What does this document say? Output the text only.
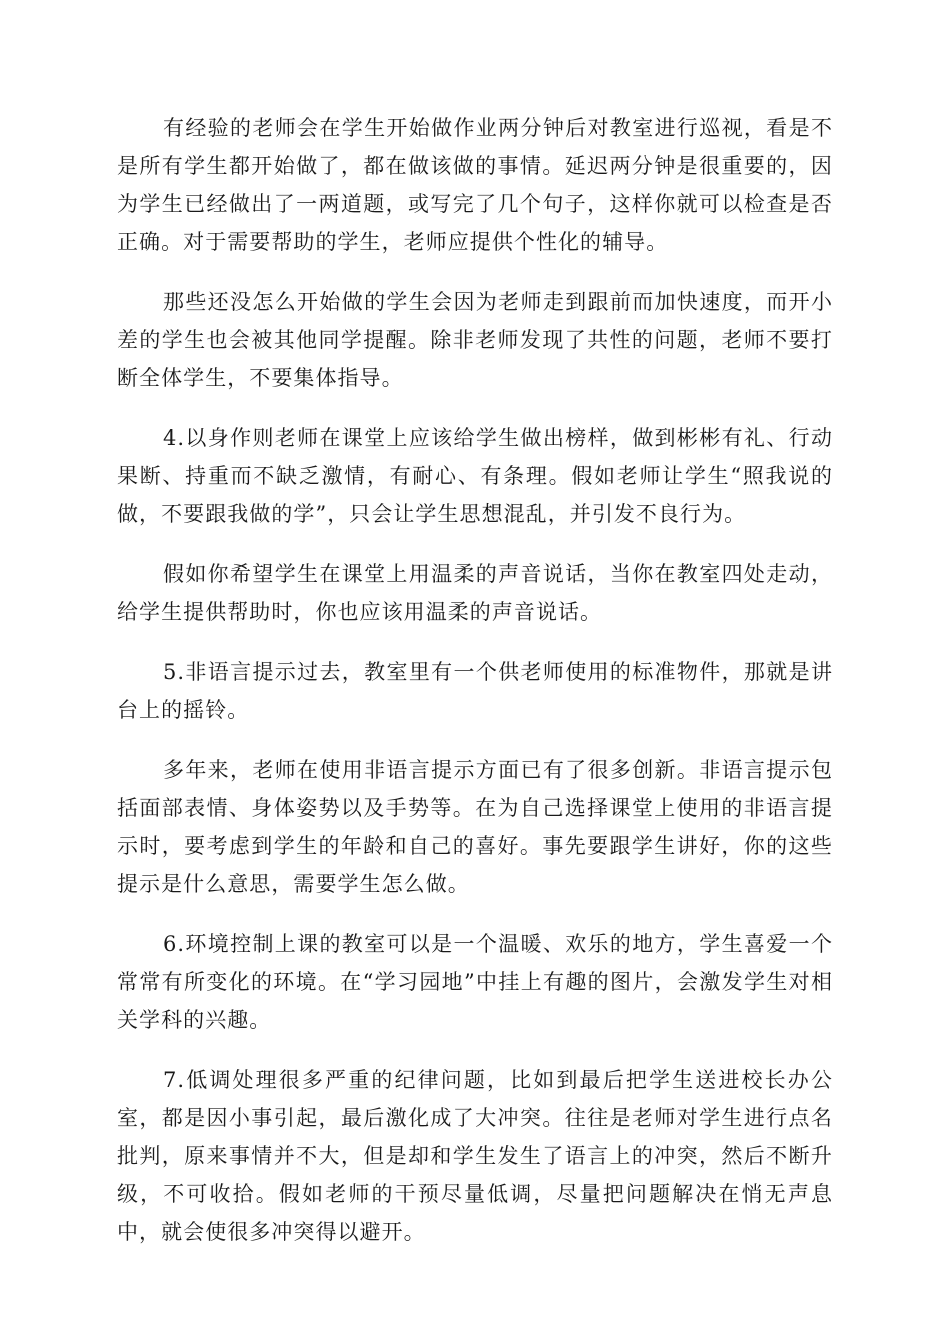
有经验的老师会在学生开始做作业两分钟后对教室进行巡视，看是不是所有学生都开始做了，都在做该做的事情。延迟两分钟是很重要的，因为学生已经做出了一两道题，或写完了几个句子，这样你就可以检查是否正确。对于需要帮助的学生，老师应提供个性化的辅导。

那些还没怎么开始做的学生会因为老师走到跟前而加快速度，而开小差的学生也会被其他同学提醒。除非老师发现了共性的问题，老师不要打断全体学生，不要集体指导。

4.以身作则老师在课堂上应该给学生做出榜样，做到彬彬有礼、行动果断、持重而不缺乏激情，有耐心、有条理。假如老师让学生“照我说的做，不要跟我做的学”，只会让学生思想混乱，并引发不良行为。

假如你希望学生在课堂上用温柔的声音说话，当你在教室四处走动，给学生提供帮助时，你也应该用温柔的声音说话。

5.非语言提示过去，教室里有一个供老师使用的标准物件，那就是讲台上的摇铃。

多年来，老师在使用非语言提示方面已有了很多创新。非语言提示包括面部表情、身体姿势以及手势等。在为自己选择课堂上使用的非语言提示时，要考虑到学生的年龄和自己的喜好。事先要跟学生讲好，你的这些提示是什么意思，需要学生怎么做。

6.环境控制上课的教室可以是一个温暖、欢乐的地方，学生喜爱一个常常有所变化的环境。在“学习园地”中挂上有趣的图片，会激发学生对相关学科的兴趣。

7.低调处理很多严重的纪律问题，比如到最后把学生送进校长办公室，都是因小事引起，最后激化成了大冲突。往往是老师对学生进行点名批判，原来事情并不大，但是却和学生发生了语言上的冲突，然后不断升级，不可收拾。假如老师的干预尽量低调，尽量把问题解决在悄无声息中，就会使很多冲突得以避开。
